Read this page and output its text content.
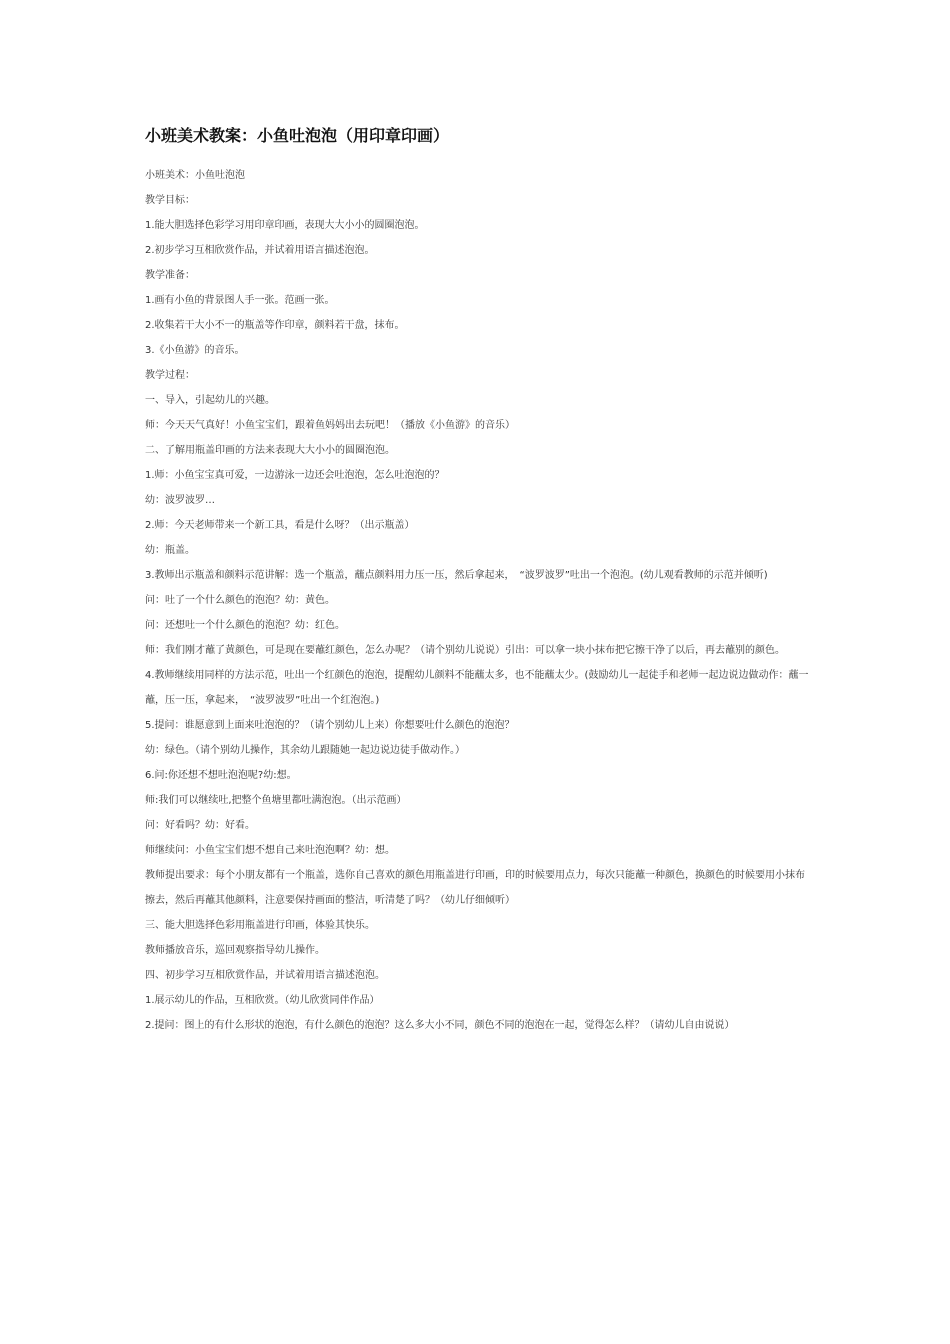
小班美术教案：小鱼吐泡泡（用印章印画）

小班美术：小鱼吐泡泡

教学目标：

1.能大胆选择色彩学习用印章印画，表现大大小小的圆圈泡泡。

2.初步学习互相欣赏作品，并试着用语言描述泡泡。

教学准备：

1.画有小鱼的背景图人手一张。范画一张。

2.收集若干大小不一的瓶盖等作印章，颜料若干盘，抹布。

3.《小鱼游》的音乐。

教学过程：

一、导入，引起幼儿的兴趣。

师：今天天气真好！小鱼宝宝们，跟着鱼妈妈出去玩吧！（播放《小鱼游》的音乐）

二、了解用瓶盖印画的方法来表现大大小小的圆圈泡泡。

1.师：小鱼宝宝真可爱，一边游泳一边还会吐泡泡，怎么吐泡泡的？

幼：波罗波罗…

2.师：今天老师带来一个新工具，看是什么呀？（出示瓶盖）

幼：瓶盖。

3.教师出示瓶盖和颜料示范讲解：选一个瓶盖，蘸点颜料用力压一压，然后拿起来，　“波罗波罗”吐出一个泡泡。(幼儿观看教师的示范并倾听)

问：吐了一个什么颜色的泡泡？幼：黄色。

问：还想吐一个什么颜色的泡泡？幼：红色。

师：我们刚才蘸了黄颜色，可是现在要蘸红颜色，怎么办呢？（请个别幼儿说说）引出：可以拿一块小抹布把它擦干净了以后，再去蘸别的颜色。

4.教师继续用同样的方法示范，吐出一个红颜色的泡泡，提醒幼儿颜料不能蘸太多，也不能蘸太少。(鼓励幼儿一起徒手和老师一起边说边做动作：蘸一蘸，压一压，拿起来，　“波罗波罗”吐出一个红泡泡。)

5.提问：谁愿意到上面来吐泡泡的？（请个别幼儿上来）你想要吐什么颜色的泡泡？

幼：绿色。（请个别幼儿操作，其余幼儿跟随她一起边说边徒手做动作。）

6.问:你还想不想吐泡泡呢?幼:想。

师:我们可以继续吐,把整个鱼塘里都吐满泡泡。（出示范画）

问：好看吗？幼：好看。

师继续问：小鱼宝宝们想不想自己来吐泡泡啊？幼：想。

教师提出要求：每个小朋友都有一个瓶盖，选你自己喜欢的颜色用瓶盖进行印画，印的时候要用点力，每次只能蘸一种颜色，换颜色的时候要用小抹布擦去，然后再蘸其他颜料，注意要保持画面的整洁，听清楚了吗？（幼儿仔细倾听）

三、能大胆选择色彩用瓶盖进行印画，体验其快乐。

教师播放音乐，巡回观察指导幼儿操作。

四、初步学习互相欣赏作品，并试着用语言描述泡泡。

1.展示幼儿的作品，互相欣赏。（幼儿欣赏同伴作品）

2.提问：图上的有什么形状的泡泡，有什么颜色的泡泡？这么多大小不同，颜色不同的泡泡在一起，觉得怎么样？（请幼儿自由说说）
